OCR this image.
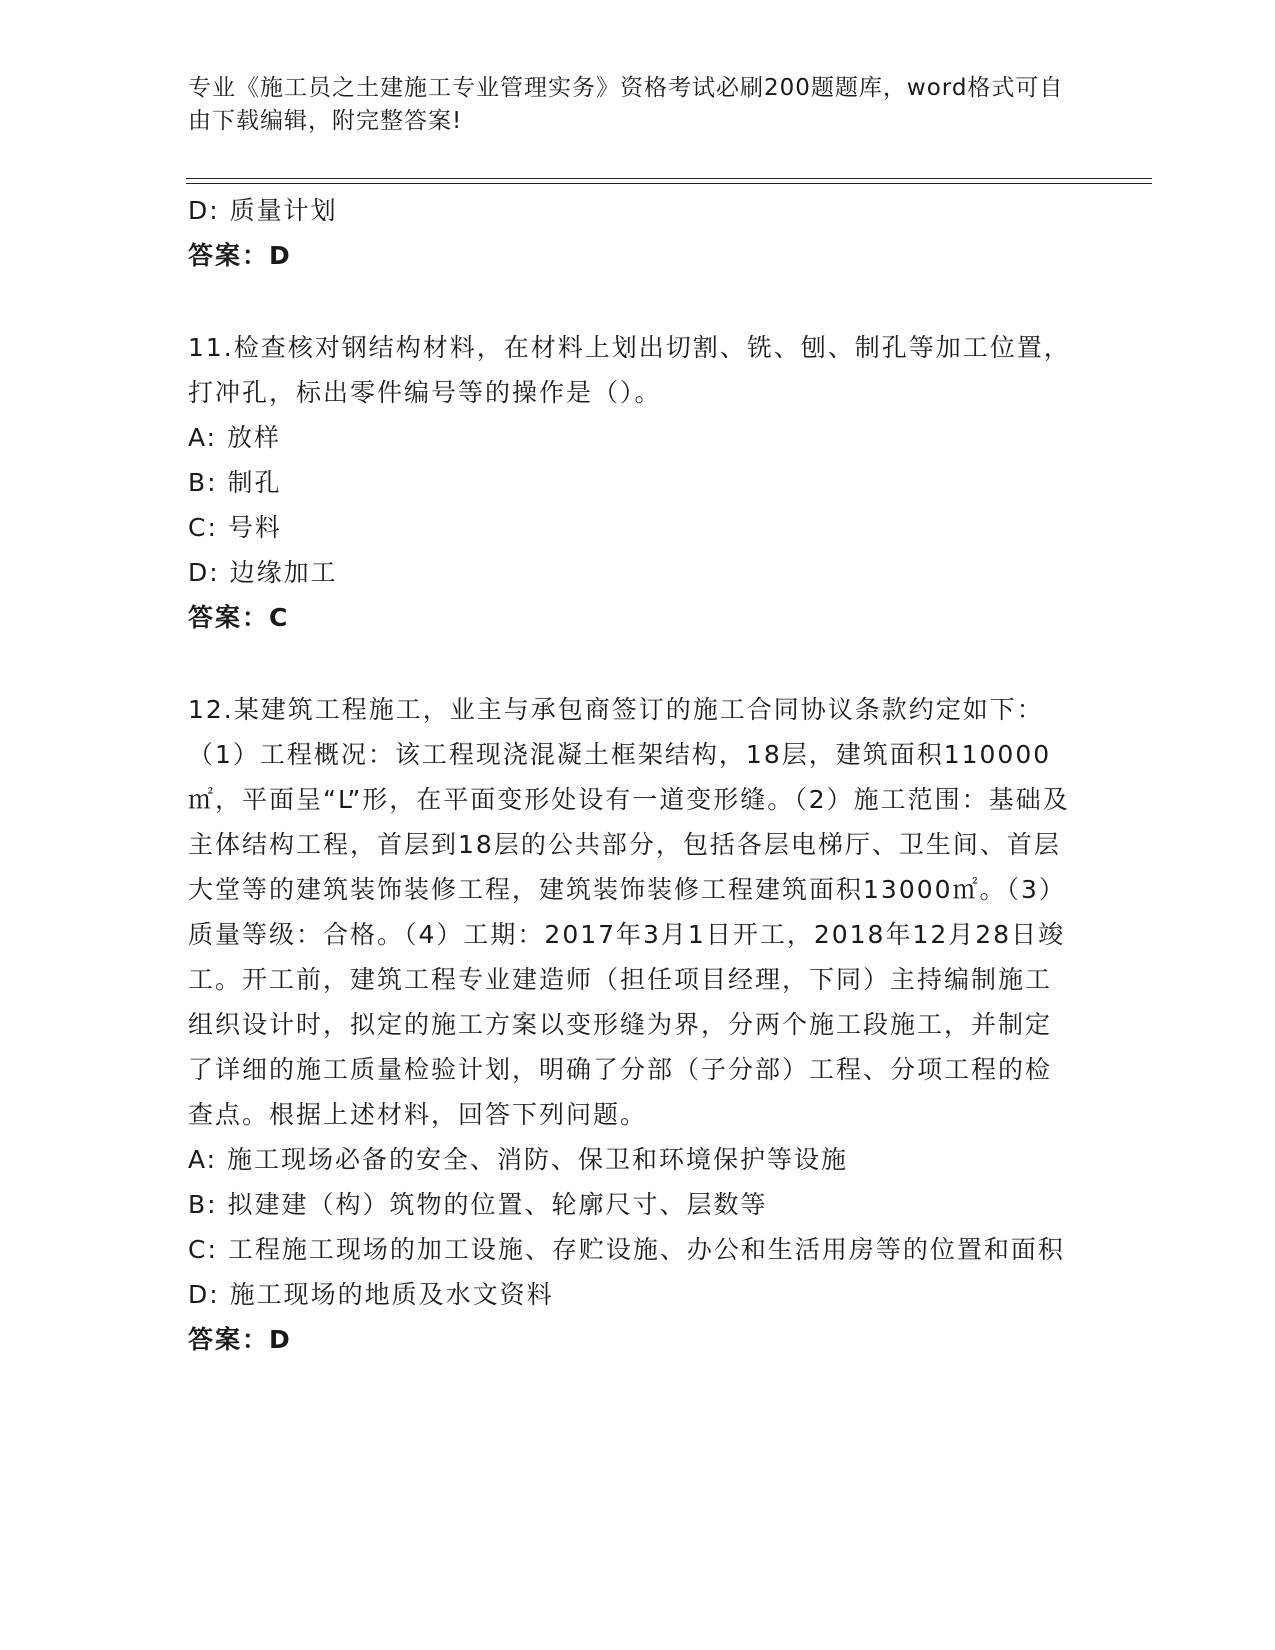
专业《施工员之土建施工专业管理实务》资格考试必刷200题题库，word格式可自由下载编辑，附完整答案!
D: 质量计划
答案：D
11.检查核对钢结构材料，在材料上划出切割、铣、刨、制孔等加工位置，打冲孔，标出零件编号等的操作是（）。
A: 放样
B: 制孔
C: 号料
D: 边缘加工
答案：C
12.某建筑工程施工，业主与承包商签订的施工合同协议条款约定如下：（1）工程概况：该工程现浇混凝土框架结构，18层，建筑面积110000㎡，平面呈“L”形，在平面变形处设有一道变形缝。（2）施工范围：基础及主体结构工程，首层到18层的公共部分，包括各层电梯厅、卫生间、首层大堂等的建筑装饰装修工程，建筑装饰装修工程建筑面积13000㎡。（3）质量等级：合格。（4）工期：2017年3月1日开工，2018年12月28日竣工。开工前，建筑工程专业建造师（担任项目经理，下同）主持编制施工组织设计时，拟定的施工方案以变形缝为界，分两个施工段施工，并制定了详细的施工质量检验计划，明确了分部（子分部）工程、分项工程的检查点。根据上述材料，回答下列问题。
A: 施工现场必备的安全、消防、保卫和环境保护等设施
B: 拟建建（构）筑物的位置、轮廓尺寸、层数等
C: 工程施工现场的加工设施、存贮设施、办公和生活用房等的位置和面积
D: 施工现场的地质及水文资料
答案：D
